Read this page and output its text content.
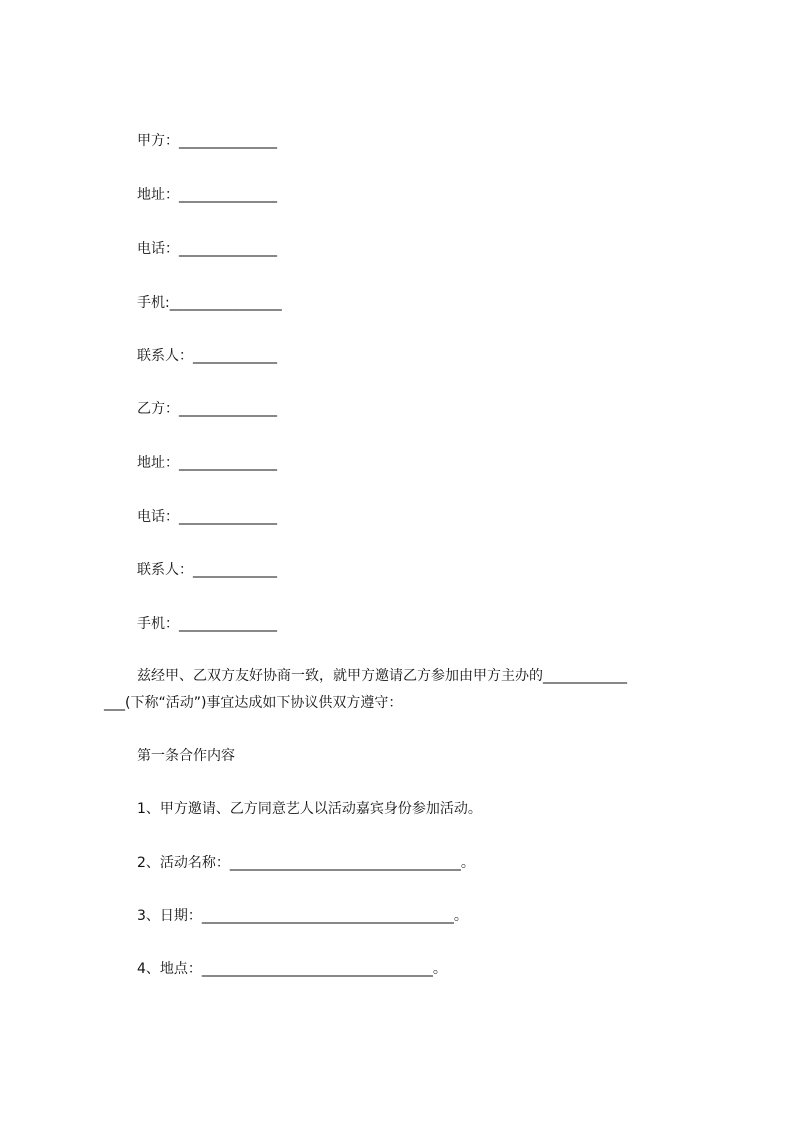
甲方：______________
地址：______________
电话：______________
手机:________________
联系人：____________
乙方：______________
地址：______________
电话：______________
联系人：____________
手机：______________
兹经甲、乙双方友好协商一致，就甲方邀请乙方参加由甲方主办的____________
___(下称“活动”)事宜达成如下协议供双方遵守：
第一条合作内容
1、甲方邀请、乙方同意艺人以活动嘉宾身份参加活动。
2、活动名称：_________________________________。
3、日期：____________________________________。
4、地点：_________________________________。
